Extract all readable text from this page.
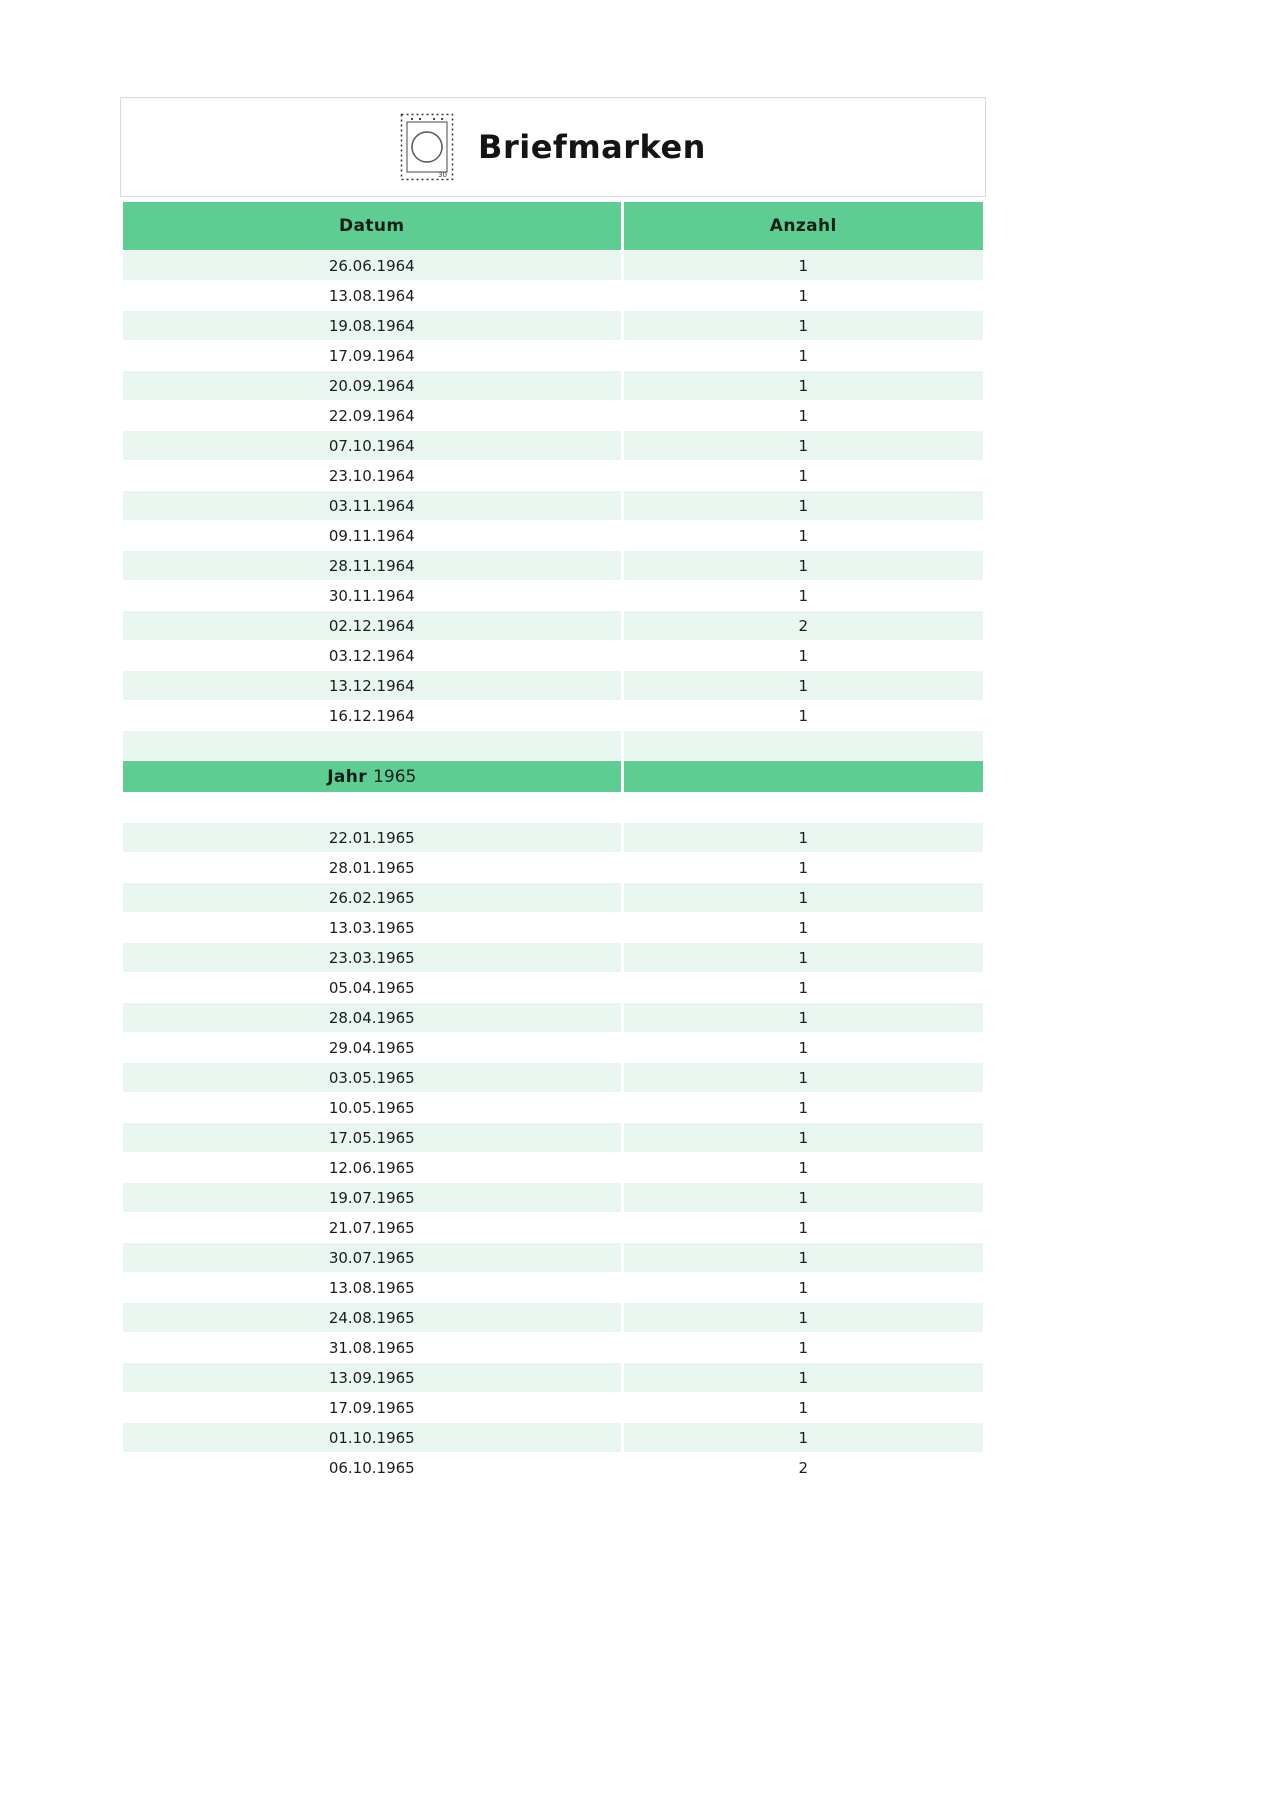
30
Briefmarken
Datum	Anzahl
26.06.1964	1
13.08.1964	1
19.08.1964	1
17.09.1964	1
20.09.1964	1
22.09.1964	1
07.10.1964	1
23.10.1964	1
03.11.1964	1
09.11.1964	1
28.11.1964	1
30.11.1964	1
02.12.1964	2
03.12.1964	1
13.12.1964	1
16.12.1964	1

Jahr 1965	

22.01.1965	1
28.01.1965	1
26.02.1965	1
13.03.1965	1
23.03.1965	1
05.04.1965	1
28.04.1965	1
29.04.1965	1
03.05.1965	1
10.05.1965	1
17.05.1965	1
12.06.1965	1
19.07.1965	1
21.07.1965	1
30.07.1965	1
13.08.1965	1
24.08.1965	1
31.08.1965	1
13.09.1965	1
17.09.1965	1
01.10.1965	1
06.10.1965	2
